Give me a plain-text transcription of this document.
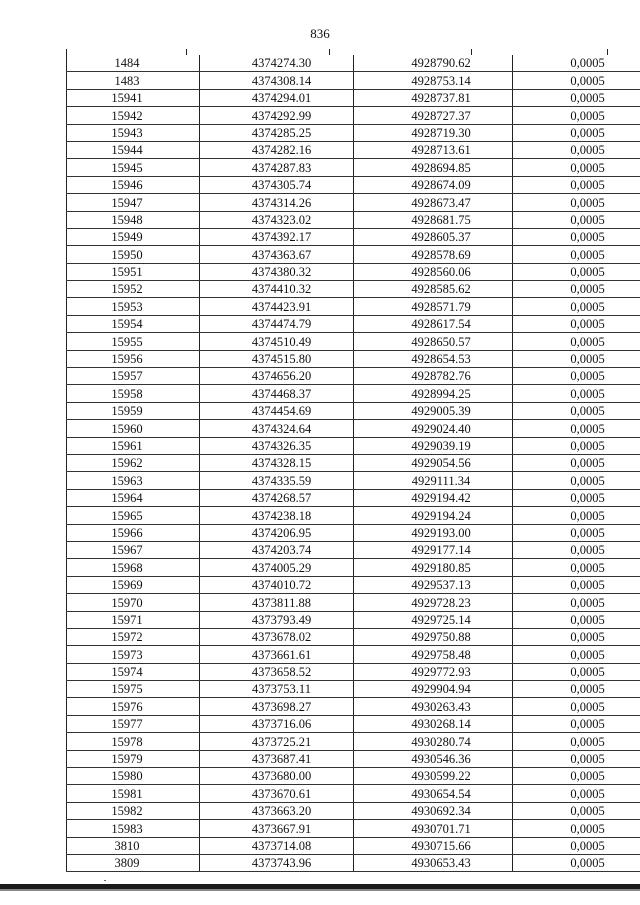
836
1484	4374274.30	4928790.62	0,0005
1483	4374308.14	4928753.14	0,0005
15941	4374294.01	4928737.81	0,0005
15942	4374292.99	4928727.37	0,0005
15943	4374285.25	4928719.30	0,0005
15944	4374282.16	4928713.61	0,0005
15945	4374287.83	4928694.85	0,0005
15946	4374305.74	4928674.09	0,0005
15947	4374314.26	4928673.47	0,0005
15948	4374323.02	4928681.75	0,0005
15949	4374392.17	4928605.37	0,0005
15950	4374363.67	4928578.69	0,0005
15951	4374380.32	4928560.06	0,0005
15952	4374410.32	4928585.62	0,0005
15953	4374423.91	4928571.79	0,0005
15954	4374474.79	4928617.54	0,0005
15955	4374510.49	4928650.57	0,0005
15956	4374515.80	4928654.53	0,0005
15957	4374656.20	4928782.76	0,0005
15958	4374468.37	4928994.25	0,0005
15959	4374454.69	4929005.39	0,0005
15960	4374324.64	4929024.40	0,0005
15961	4374326.35	4929039.19	0,0005
15962	4374328.15	4929054.56	0,0005
15963	4374335.59	4929111.34	0,0005
15964	4374268.57	4929194.42	0,0005
15965	4374238.18	4929194.24	0,0005
15966	4374206.95	4929193.00	0,0005
15967	4374203.74	4929177.14	0,0005
15968	4374005.29	4929180.85	0,0005
15969	4374010.72	4929537.13	0,0005
15970	4373811.88	4929728.23	0,0005
15971	4373793.49	4929725.14	0,0005
15972	4373678.02	4929750.88	0,0005
15973	4373661.61	4929758.48	0,0005
15974	4373658.52	4929772.93	0,0005
15975	4373753.11	4929904.94	0,0005
15976	4373698.27	4930263.43	0,0005
15977	4373716.06	4930268.14	0,0005
15978	4373725.21	4930280.74	0,0005
15979	4373687.41	4930546.36	0,0005
15980	4373680.00	4930599.22	0,0005
15981	4373670.61	4930654.54	0,0005
15982	4373663.20	4930692.34	0,0005
15983	4373667.91	4930701.71	0,0005
3810	4373714.08	4930715.66	0,0005
3809	4373743.96	4930653.43	0,0005
